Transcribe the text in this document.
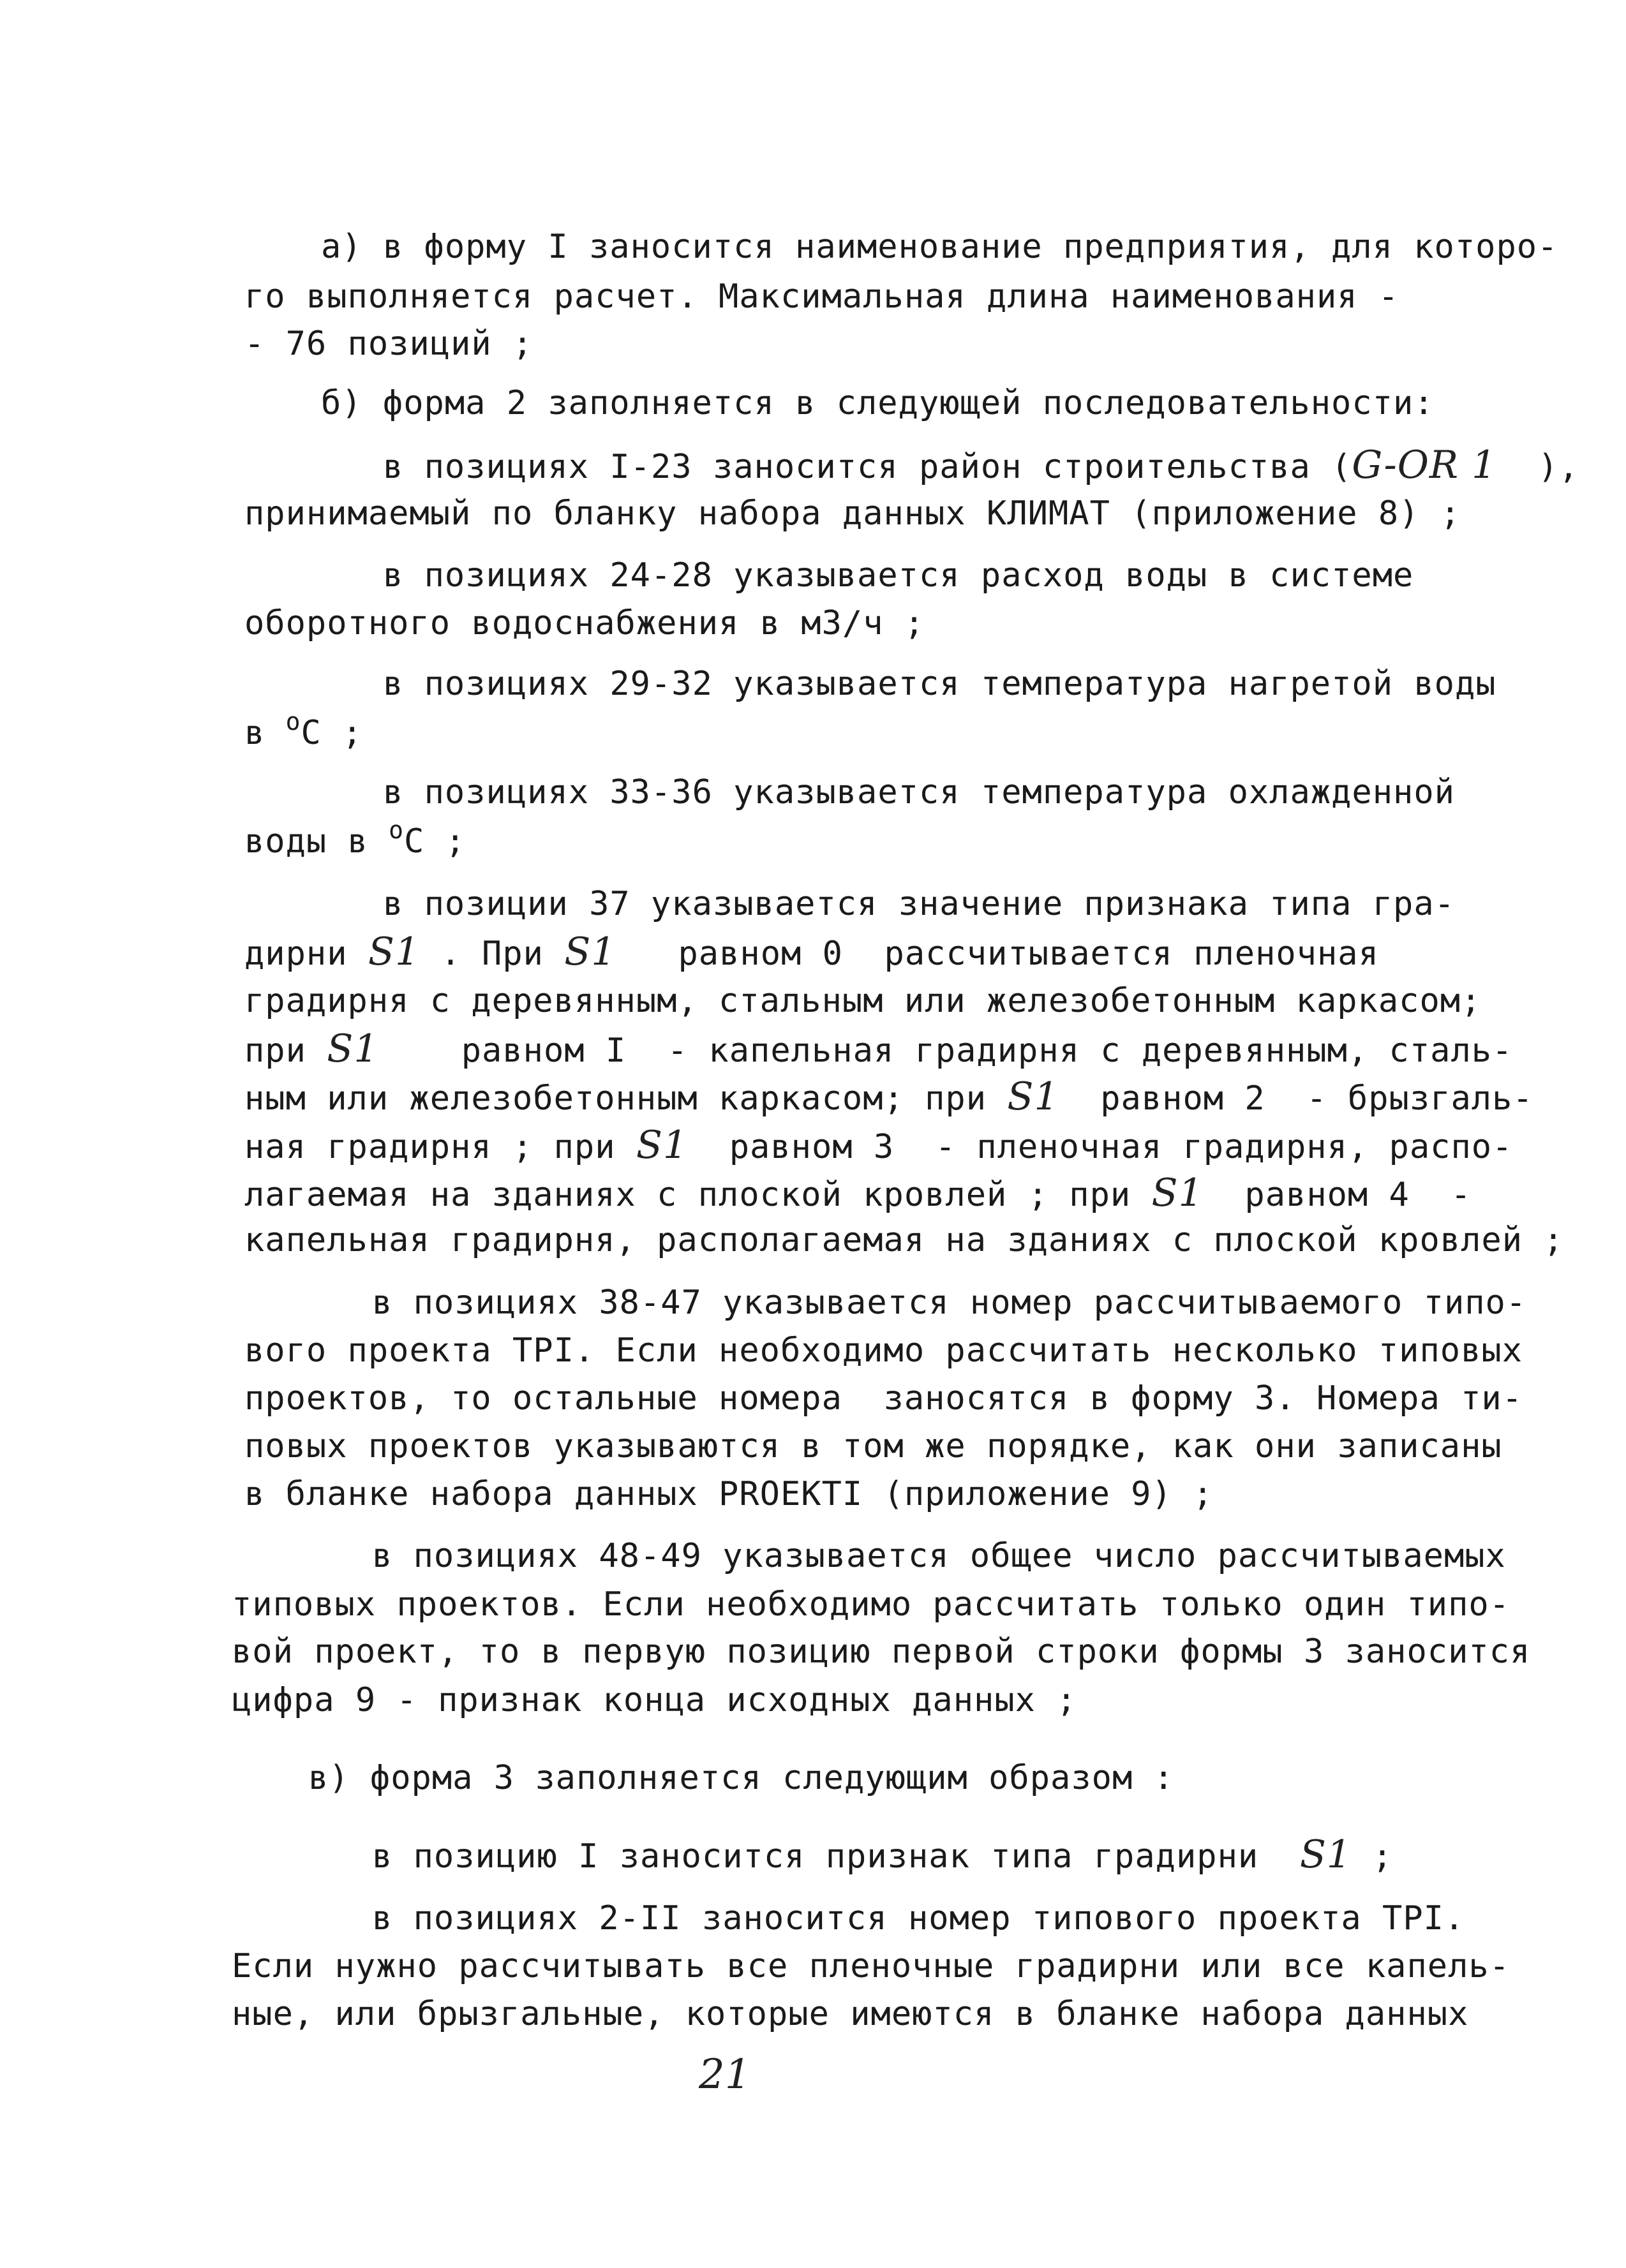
а) в форму I заносится наименование предприятия, для которо-
го выполняется расчет. Максимальная длина наименования -
- 76 позиций ;
б) форма 2 заполняется в следующей последовательности:
в позициях I-23 заносится район строительства (G-OR 1  ),
принимаемый по бланку набора данных КЛИМАТ (приложение 8) ;
в позициях 24-28 указывается расход воды в системе
оборотного водоснабжения в м3/ч ;
в позициях 29-32 указывается температура нагретой воды
в $^о$С ;
в позициях 33-36 указывается температура охлажденной
воды в $^о$С ;
в позиции 37 указывается значение признака типа гра-
дирни S1 . При S1   равном 0  рассчитывается пленочная
градирня с деревянным, стальным или железобетонным каркасом;
при S1    равном I  - капельная градирня с деревянным, сталь-
ным или железобетонным каркасом; при S1  равном 2  - брызгаль-
ная градирня ; при S1  равном 3  - пленочная градирня, распо-
лагаемая на зданиях с плоской кровлей ; при S1  равном 4  -
капельная градирня, располагаемая на зданиях с плоской кровлей ;
в позициях 38-47 указывается номер рассчитываемого типо-
вого проекта TPI. Если необходимо рассчитать несколько типовых
проектов, то остальные номера  заносятся в форму 3. Номера ти-
повых проектов указываются в том же порядке, как они записаны
в бланке набора данных PROEKTI (приложение 9) ;
в позициях 48-49 указывается общее число рассчитываемых
типовых проектов. Если необходимо рассчитать только один типо-
вой проект, то в первую позицию первой строки формы 3 заносится
цифра 9 - признак конца исходных данных ;
в) форма 3 заполняется следующим образом :
в позицию I заносится признак типа градирни  S1 ;
в позициях 2-II заносится номер типового проекта TPI.
Если нужно рассчитывать все пленочные градирни или все капель-
ные, или брызгальные, которые имеются в бланке набора данных
21
